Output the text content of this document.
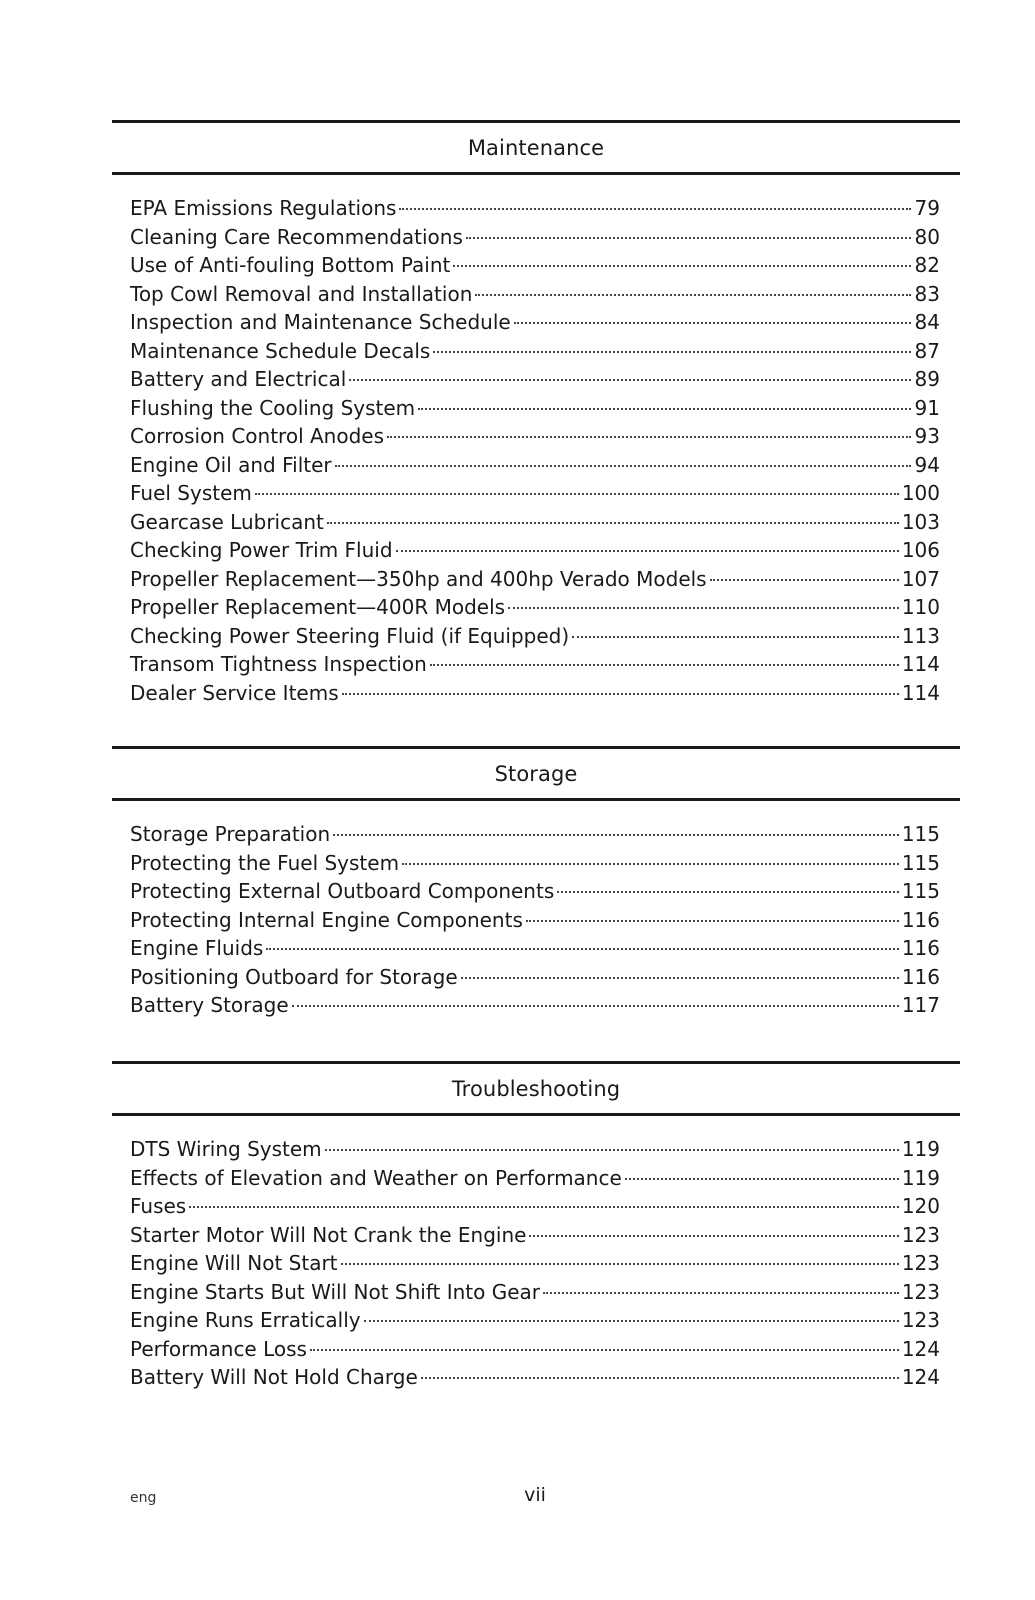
Maintenance
EPA Emissions Regulations	79
Cleaning Care Recommendations	80
Use of Anti-fouling Bottom Paint	82
Top Cowl Removal and Installation	83
Inspection and Maintenance Schedule	84
Maintenance Schedule Decals	87
Battery and Electrical	89
Flushing the Cooling System	91
Corrosion Control Anodes	93
Engine Oil and Filter	94
Fuel System	100
Gearcase Lubricant	103
Checking Power Trim Fluid	106
Propeller Replacement—350hp and 400hp Verado Models	107
Propeller Replacement—400R Models	110
Checking Power Steering Fluid (if Equipped)	113
Transom Tightness Inspection	114
Dealer Service Items	114
Storage
Storage Preparation	115
Protecting the Fuel System	115
Protecting External Outboard Components	115
Protecting Internal Engine Components	116
Engine Fluids	116
Positioning Outboard for Storage	116
Battery Storage	117
Troubleshooting
DTS Wiring System	119
Effects of Elevation and Weather on Performance	119
Fuses	120
Starter Motor Will Not Crank the Engine	123
Engine Will Not Start	123
Engine Starts But Will Not Shift Into Gear	123
Engine Runs Erratically	123
Performance Loss	124
Battery Will Not Hold Charge	124
eng	vii
